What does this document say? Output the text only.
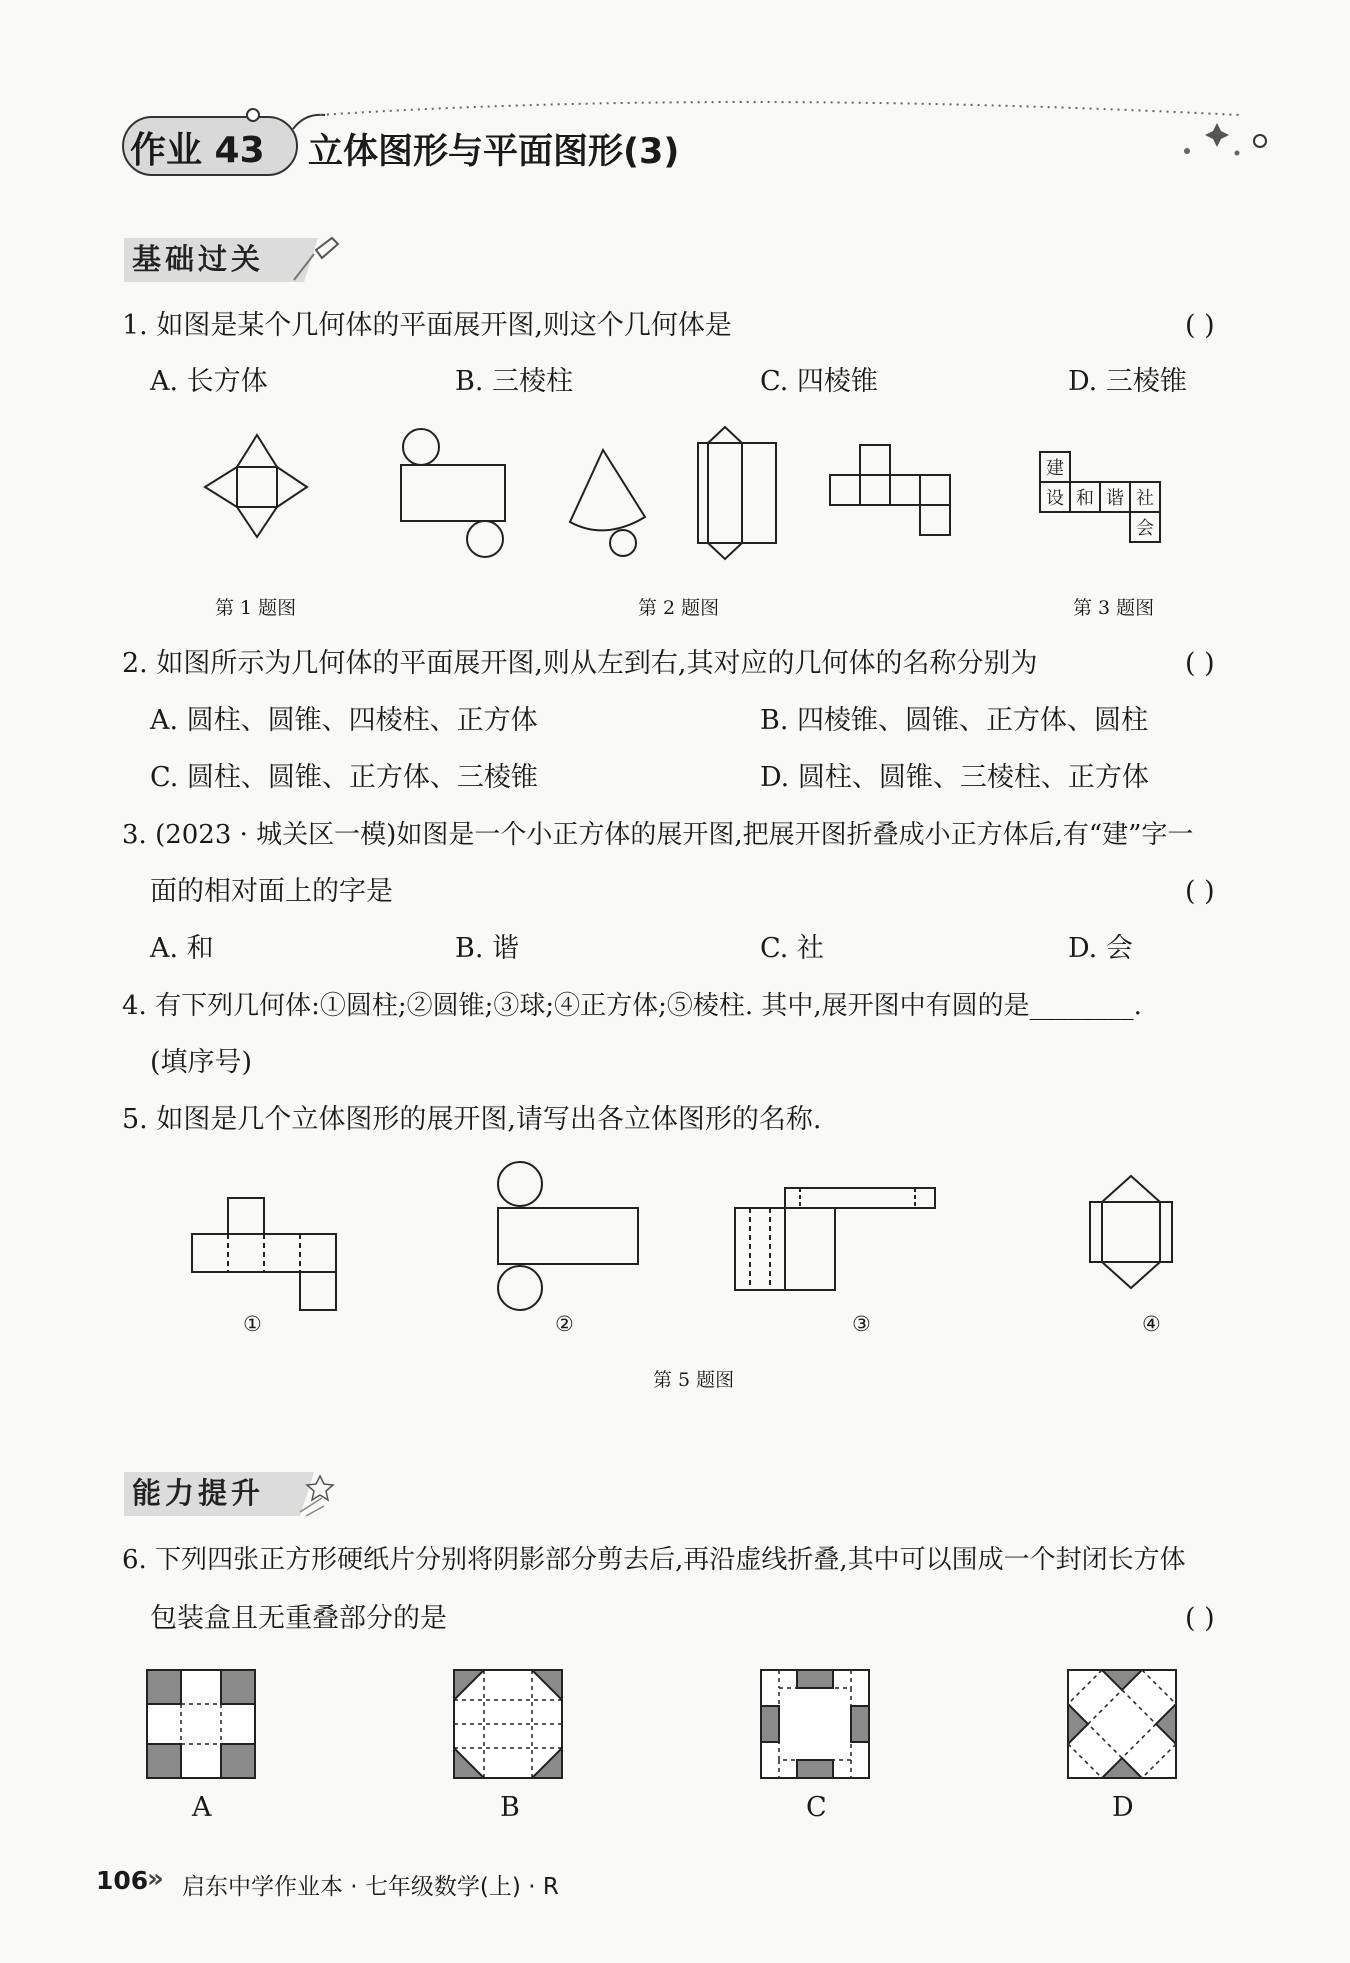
作业 43 立体图形与平面图形(3)
基础过关
1. 如图是某个几何体的平面展开图,则这个几何体是	( )
A. 长方体	B. 三棱柱	C. 四棱锥	D. 三棱锥
建
设 和 谐 社
会
第 1 题图	第 2 题图	第 3 题图
2. 如图所示为几何体的平面展开图,则从左到右,其对应的几何体的名称分别为	( )
A. 圆柱、圆锥、四棱柱、正方体	B. 四棱锥、圆锥、正方体、圆柱
C. 圆柱、圆锥、正方体、三棱锥	D. 圆柱、圆锥、三棱柱、正方体
3. (2023 · 城关区一模)如图是一个小正方体的展开图,把展开图折叠成小正方体后,有“建”字一
面的相对面上的字是	( )
A. 和	B. 谐	C. 社	D. 会
4. 有下列几何体:①圆柱;②圆锥;③球;④正方体;⑤棱柱. 其中,展开图中有圆的是________.
(填序号)
5. 如图是几个立体图形的展开图,请写出各立体图形的名称.
①	②	③	④
第 5 题图
能力提升
6. 下列四张正方形硬纸片分别将阴影部分剪去后,再沿虚线折叠,其中可以围成一个封闭长方体
包装盒且无重叠部分的是	( )
A	B	C	D
106
» 启东中学作业本 · 七年级数学(上) · R
